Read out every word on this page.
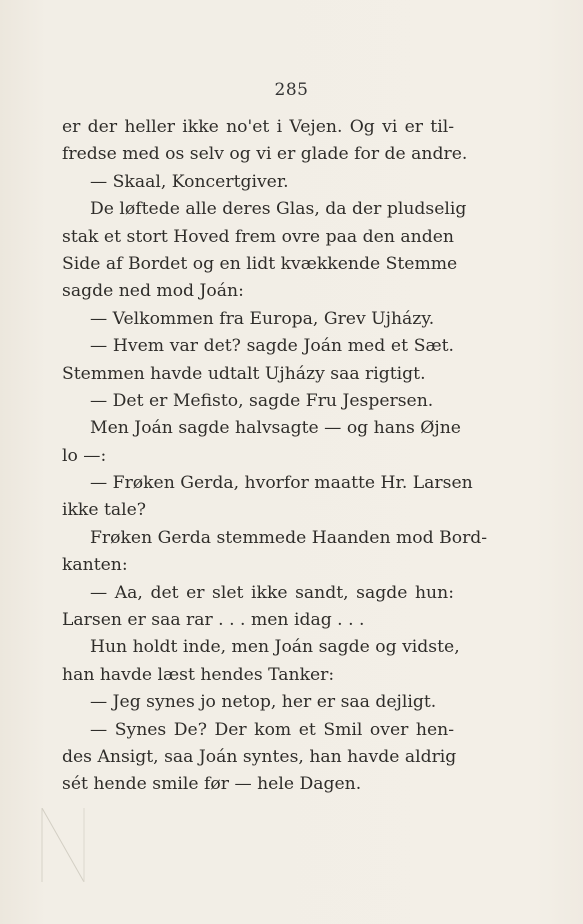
285
er der heller ikke no'et i Vejen. Og vi er til-
fredse med os selv og vi er glade for de andre.
— Skaal, Koncertgiver.
De løftede alle deres Glas, da der pludselig
stak et stort Hoved frem ovre paa den anden
Side af Bordet og en lidt kvækkende Stemme
sagde ned mod Joán:
— Velkommen fra Europa, Grev Ujházy.
— Hvem var det? sagde Joán med et Sæt.
Stemmen havde udtalt Ujházy saa rigtigt.
— Det er Mefisto, sagde Fru Jespersen.
Men Joán sagde halvsagte — og hans Øjne
lo —:
— Frøken Gerda, hvorfor maatte Hr. Larsen
ikke tale?
Frøken Gerda stemmede Haanden mod Bord-
kanten:
— Aa, det er slet ikke sandt, sagde hun:
Larsen er saa rar . . . men idag . . .
Hun holdt inde, men Joán sagde og vidste,
han havde læst hendes Tanker:
— Jeg synes jo netop, her er saa dejligt.
— Synes De? Der kom et Smil over hen-
des Ansigt, saa Joán syntes, han havde aldrig
sét hende smile før — hele Dagen.
